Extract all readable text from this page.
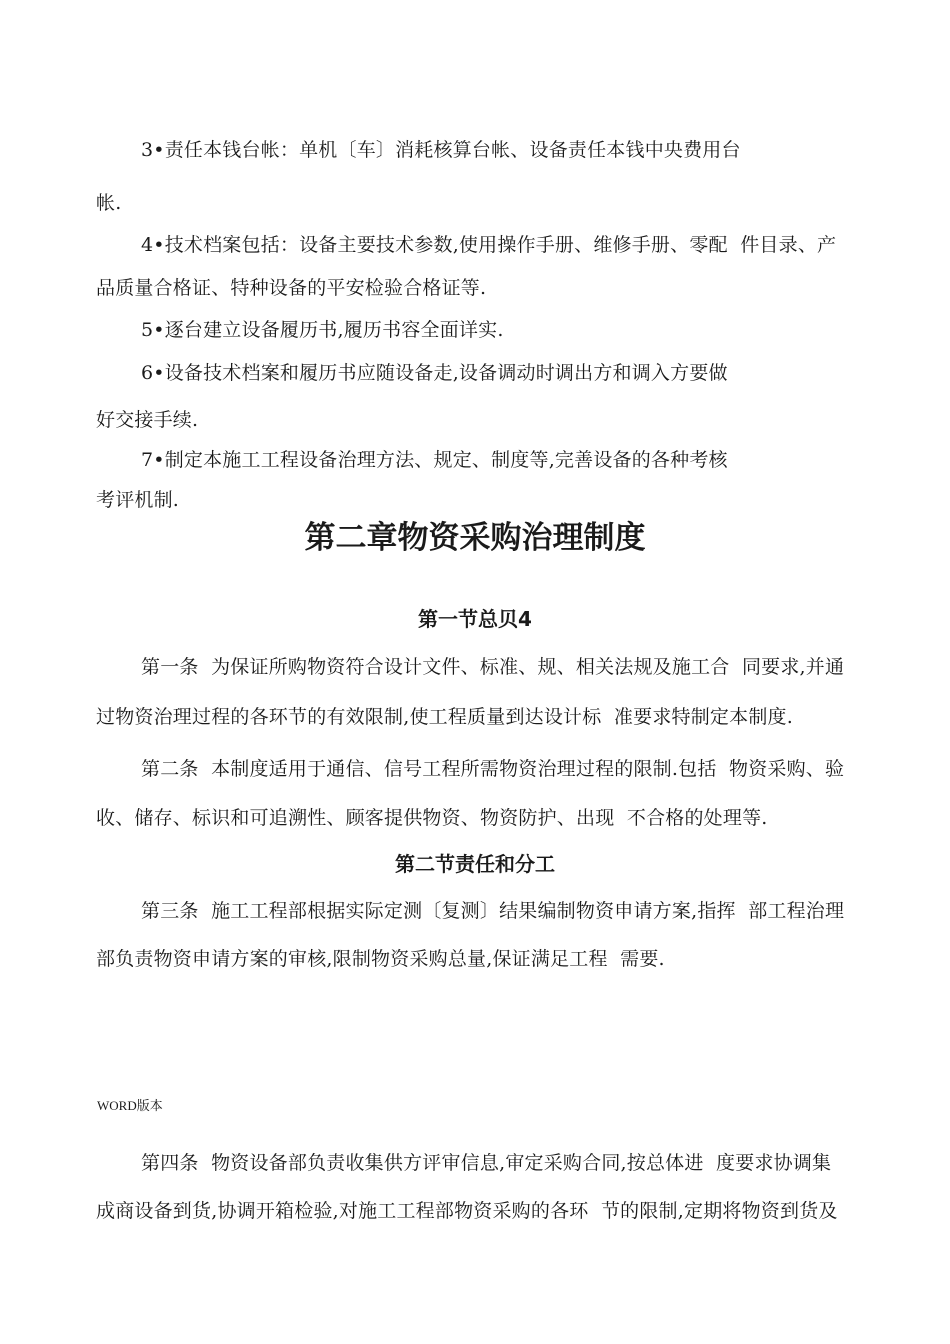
3•责任本钱台帐：单机〔车〕消耗核算台帐、设备责任本钱中央费用台
帐.
4•技术档案包括：设备主要技术参数,使用操作手册、维修手册、零配  件目录、产
品质量合格证、特种设备的平安检验合格证等.
5•逐台建立设备履历书,履历书容全面详实.
6•设备技术档案和履历书应随设备走,设备调动时调出方和调入方要做
好交接手续.
7•制定本施工工程设备治理方法、规定、制度等,完善设备的各种考核
考评机制.
第二章物资采购治理制度
第一节总贝4
第一条  为保证所购物资符合设计文件、标准、规、相关法规及施工合  同要求,并通
过物资治理过程的各环节的有效限制,使工程质量到达设计标  准要求特制定本制度.
第二条  本制度适用于通信、信号工程所需物资治理过程的限制.包括  物资采购、验
收、储存、标识和可追溯性、顾客提供物资、物资防护、出现  不合格的处理等.
第二节责任和分工
第三条  施工工程部根据实际定测〔复测〕结果编制物资申请方案,指挥  部工程治理
部负责物资申请方案的审核,限制物资采购总量,保证满足工程  需要.
WORD版本
第四条  物资设备部负责收集供方评审信息,审定采购合同,按总体进  度要求协调集
成商设备到货,协调开箱检验,对施工工程部物资采购的各环  节的限制,定期将物资到货及
